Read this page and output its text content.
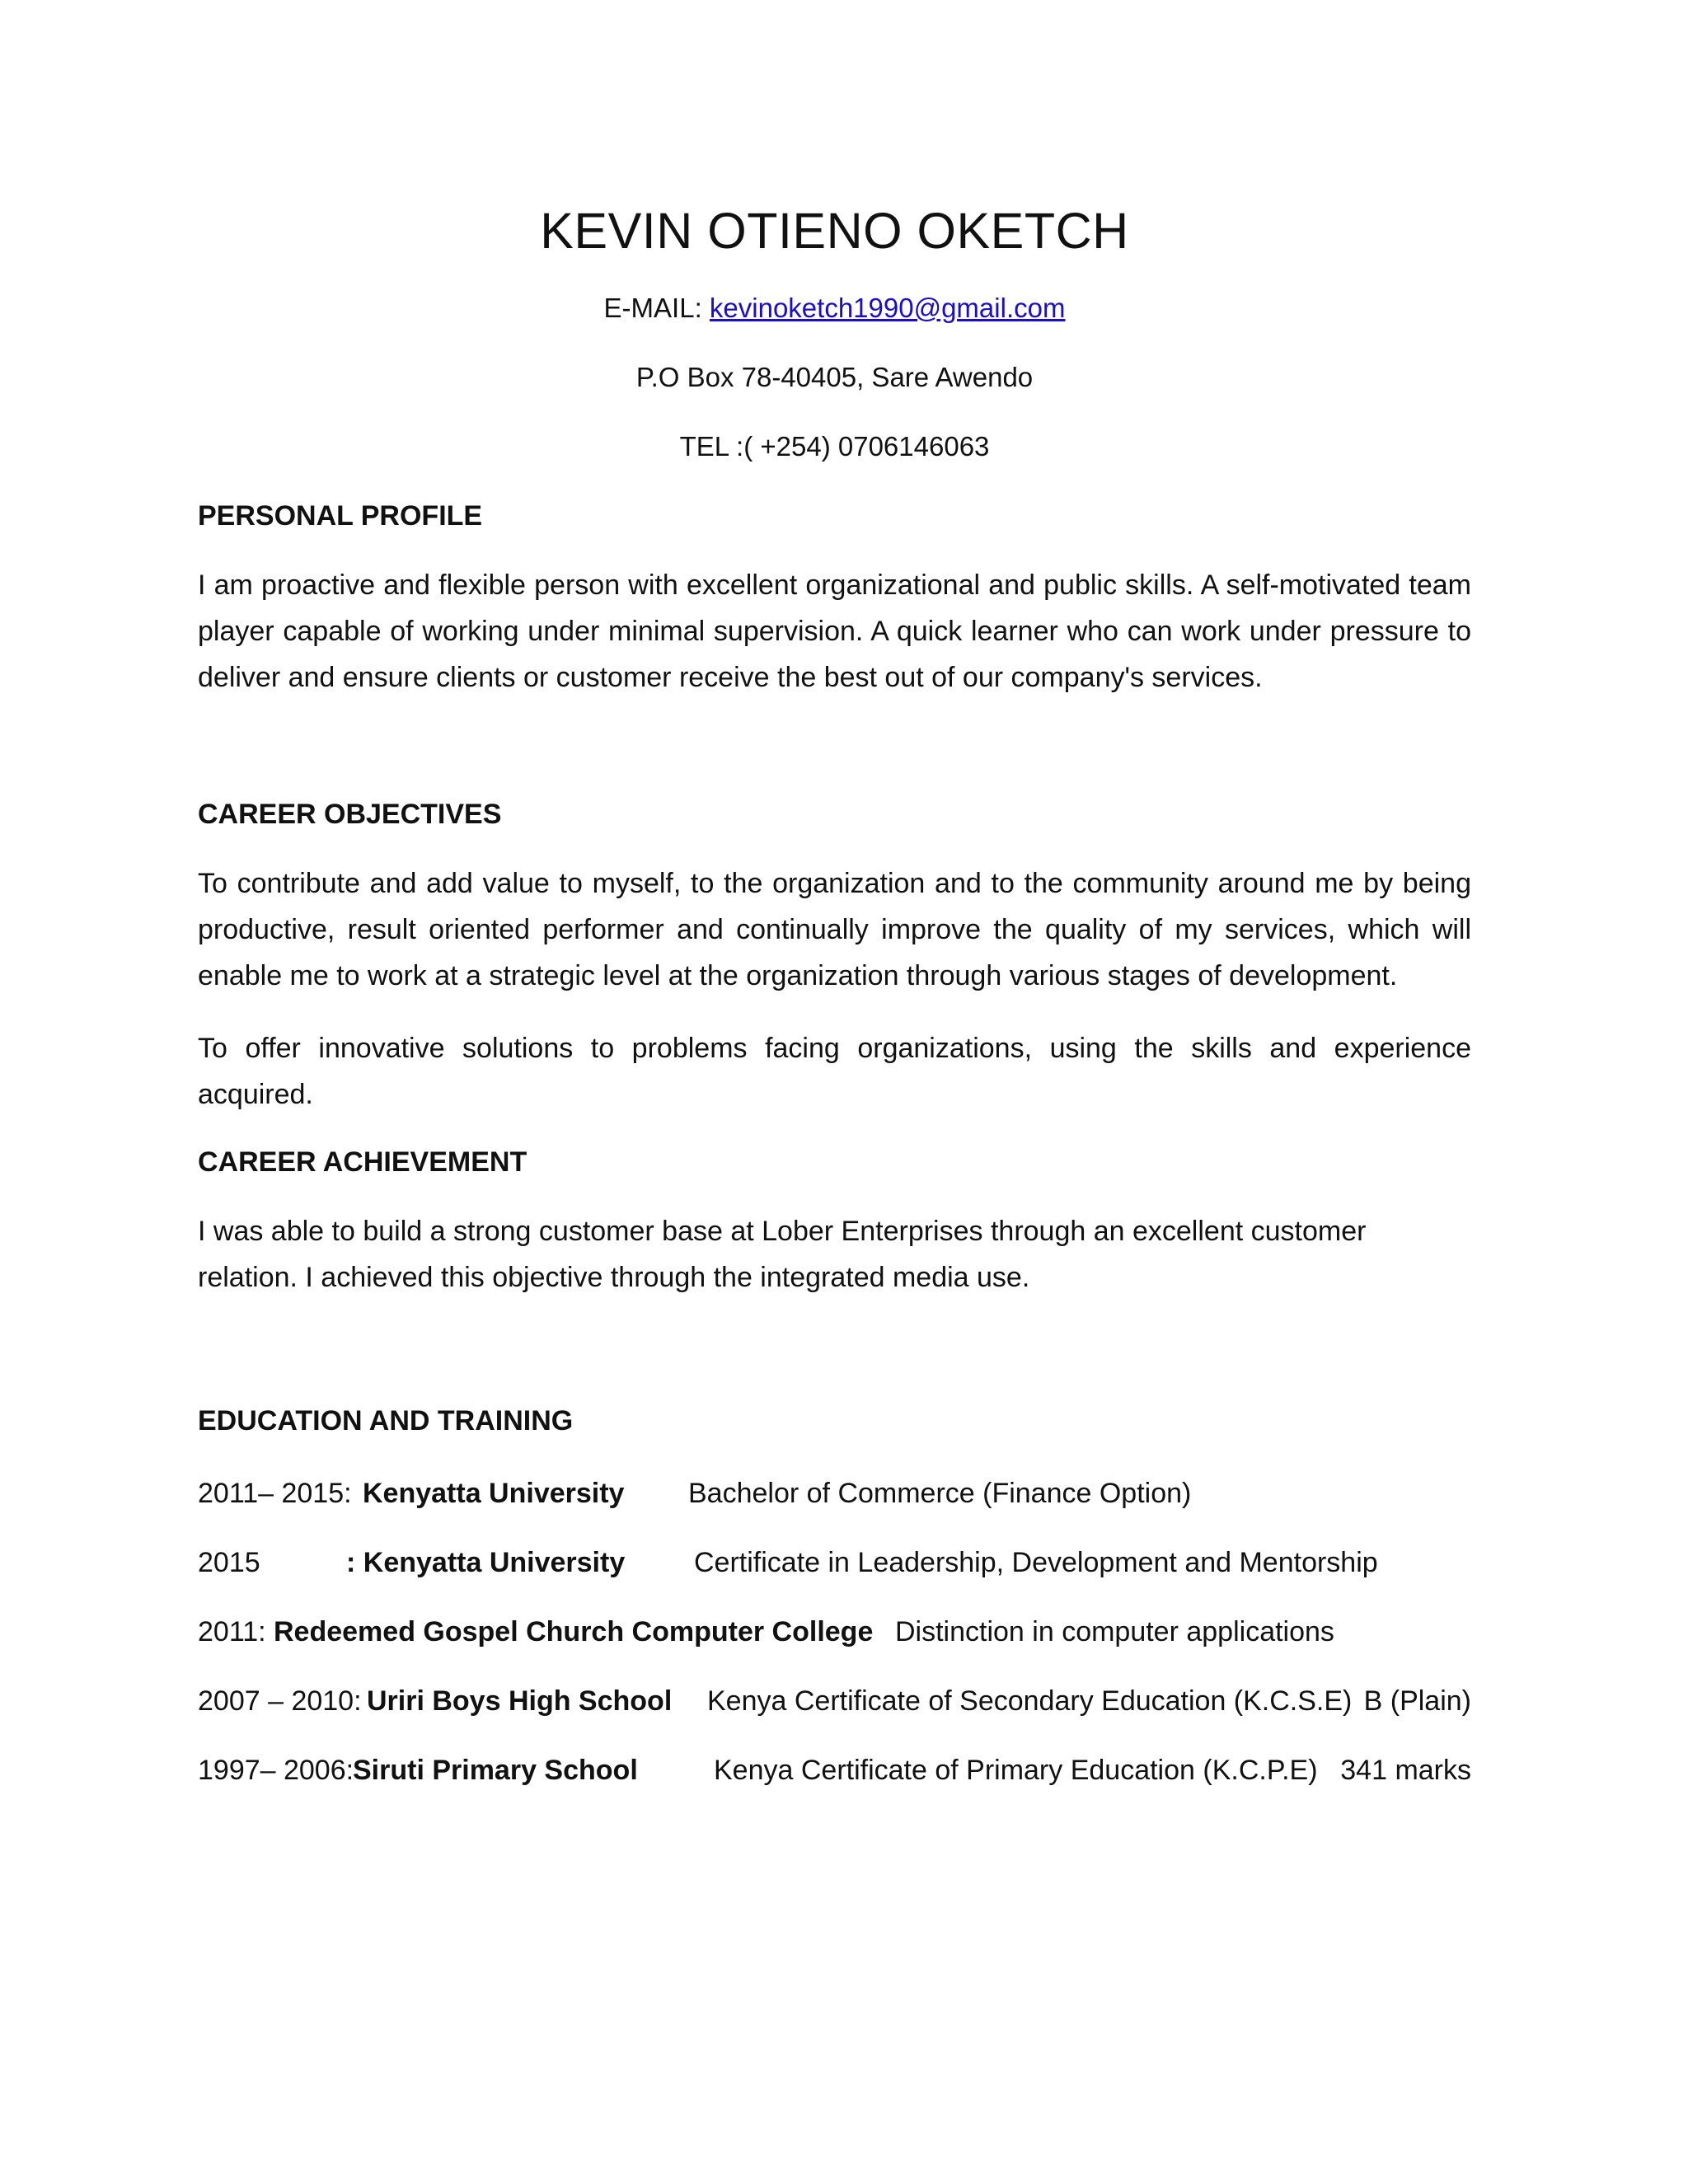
KEVIN OTIENO OKETCH

E-MAIL: kevinoketch1990@gmail.com

P.O Box 78-40405, Sare Awendo

TEL :( +254) 0706146063

PERSONAL PROFILE

I am proactive and flexible person with excellent organizational and public skills. A self-motivated team player capable of working under minimal supervision. A quick learner who can work under pressure to deliver and ensure clients or customer receive the best out of our company's services.

CAREER OBJECTIVES

To contribute and add value to myself, to the organization and to the community around me by being productive, result oriented performer and continually improve the quality of my services, which will enable me to work at a strategic level at the organization through various stages of development.

To offer innovative solutions to problems facing organizations, using the skills and experience acquired.

CAREER ACHIEVEMENT

I was able to build a strong customer base at Lober Enterprises through an excellent customer relation. I achieved this objective through the integrated media use.

EDUCATION AND TRAINING
2011– 2015: Kenyatta University Bachelor of Commerce (Finance Option)
2015	: Kenyatta University Certificate in Leadership, Development and Mentorship
2011: Redeemed Gospel Church Computer College Distinction in computer applications
2007 – 2010: Uriri Boys High School Kenya Certificate of Secondary Education (K.C.S.E) B (Plain)
1997– 2006:
Siruti Primary School	Kenya Certificate of Primary Education (K.C.P.E) 341 marks
